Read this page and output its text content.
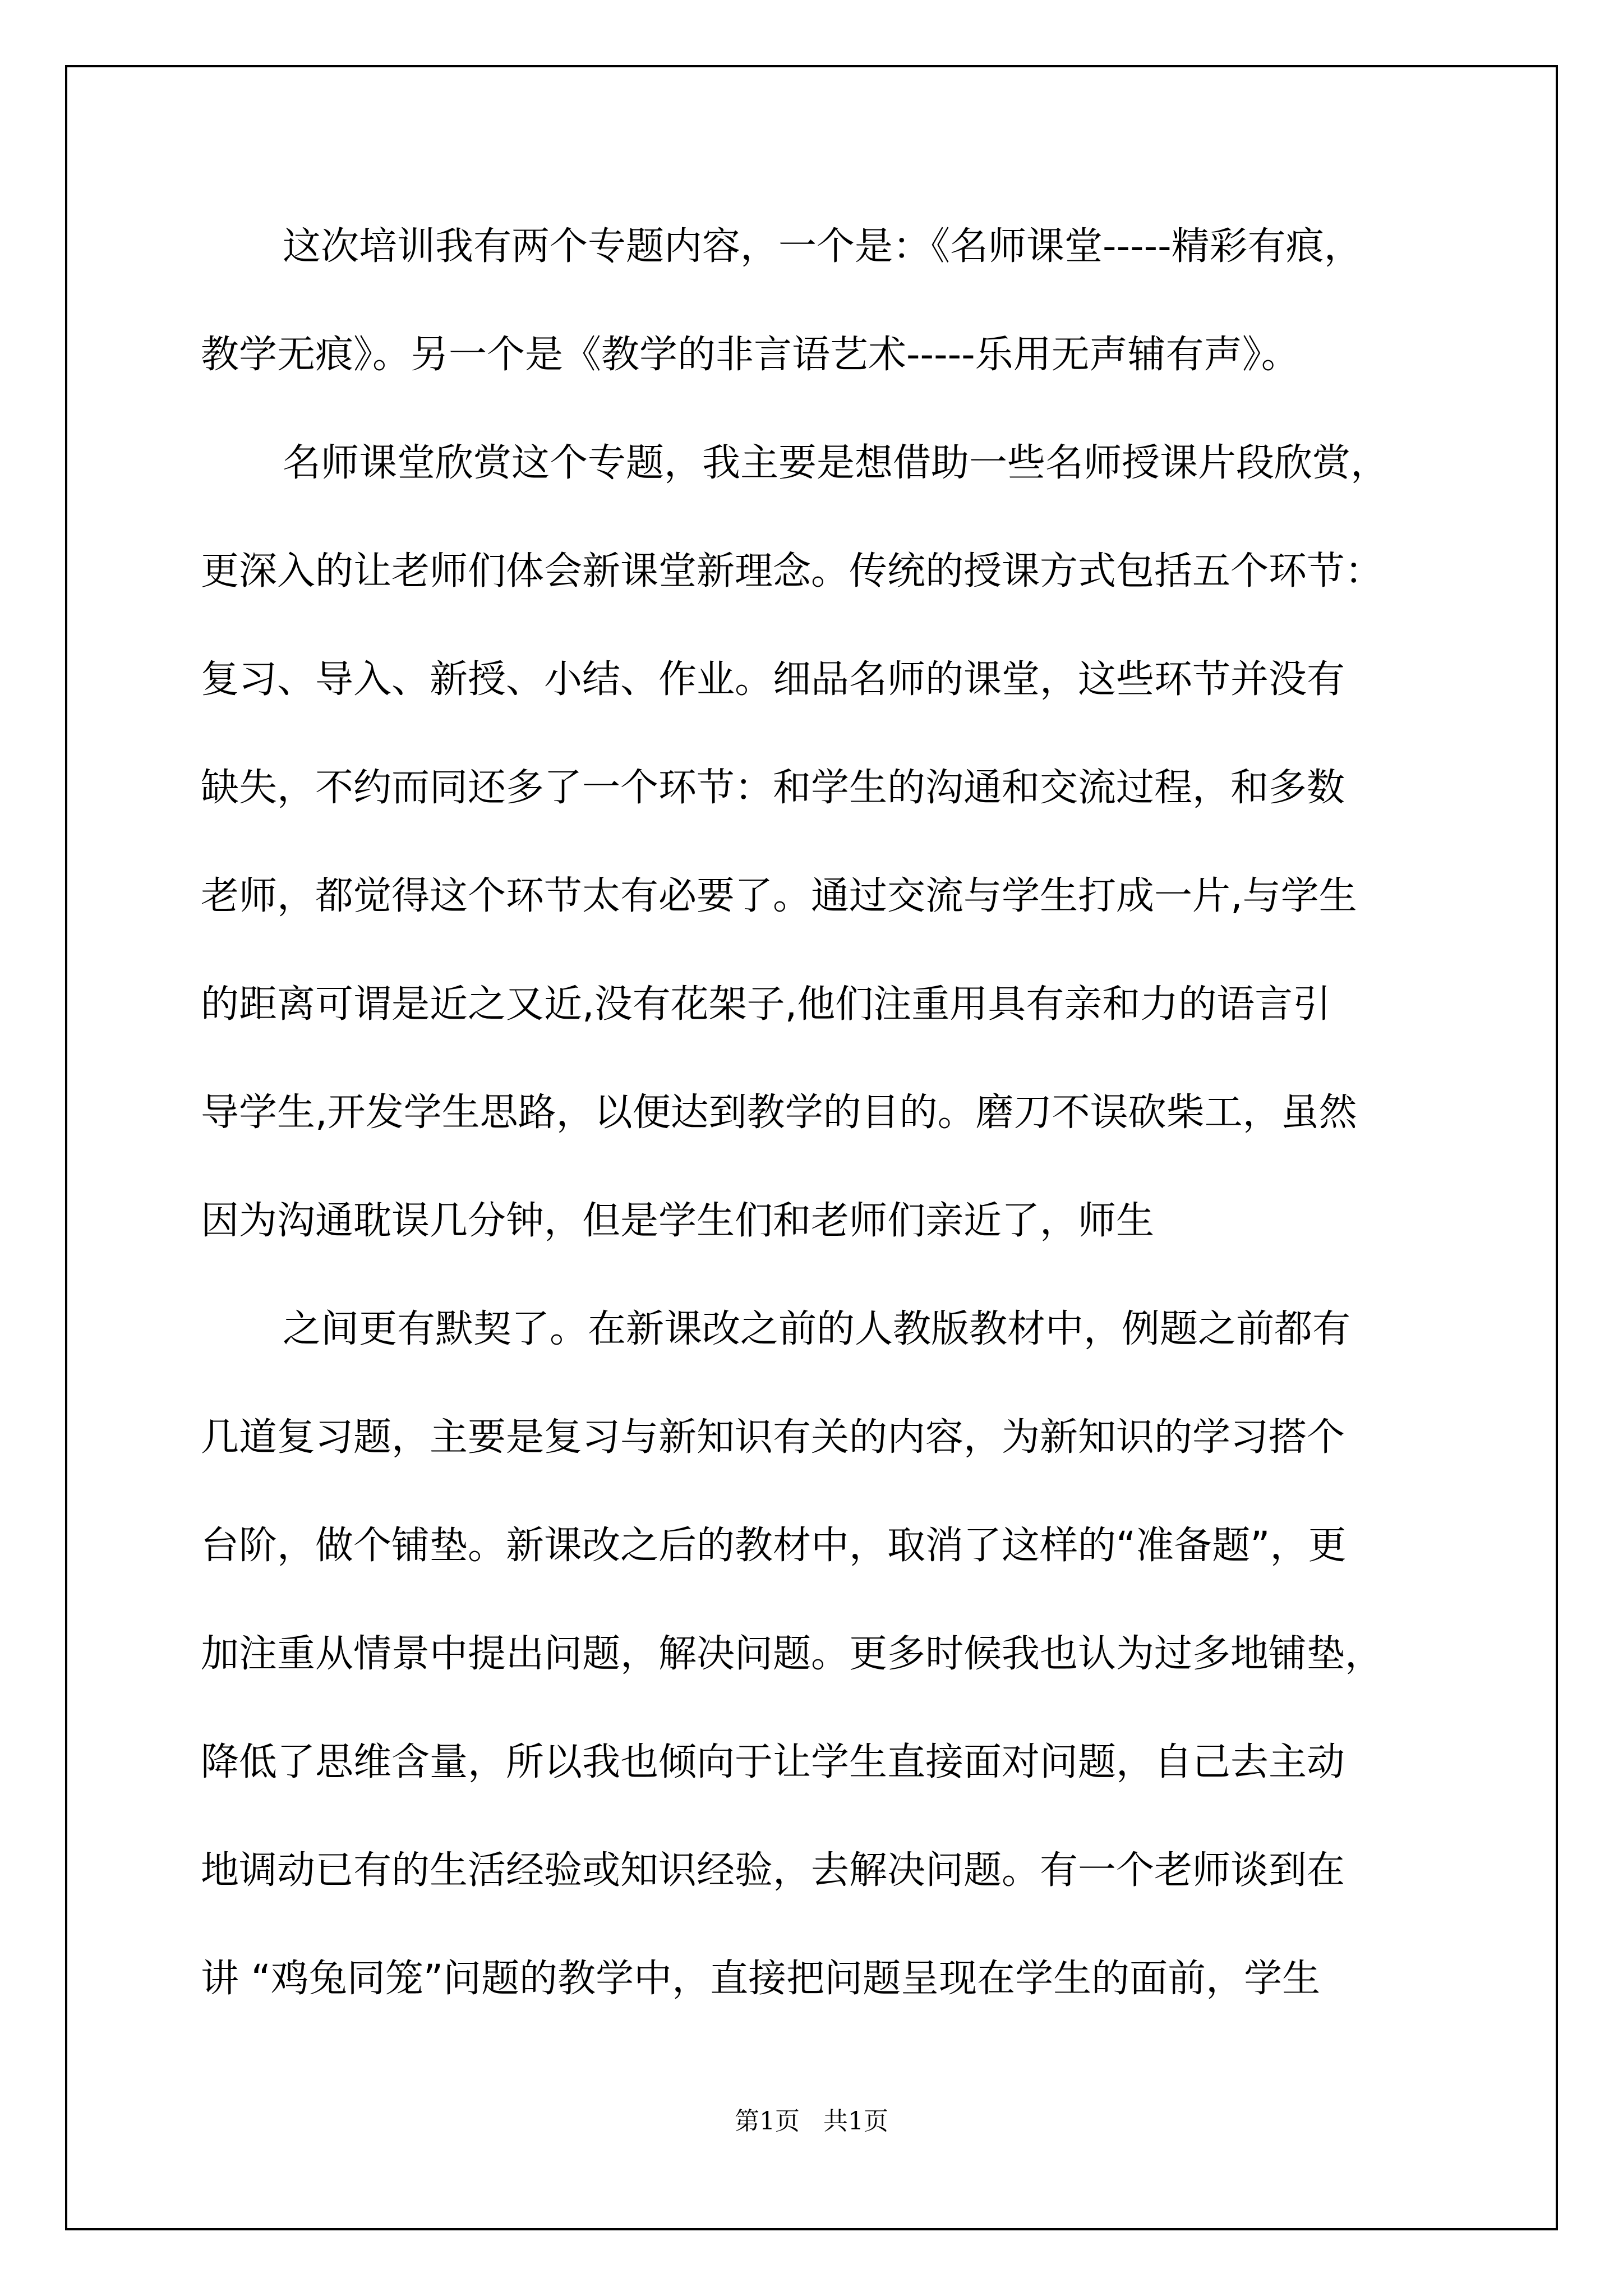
这次培训我有两个专题内容，一个是：《名师课堂-----精彩有痕，
教学无痕》。另一个是《教学的非言语艺术-----乐用无声辅有声》。
名师课堂欣赏这个专题，我主要是想借助一些名师授课片段欣赏，
更深入的让老师们体会新课堂新理念。传统的授课方式包括五个环节：
复习、导入、新授、小结、作业。细品名师的课堂，这些环节并没有
缺失，不约而同还多了一个环节：和学生的沟通和交流过程，和多数
老师，都觉得这个环节太有必要了。通过交流与学生打成一片,与学生
的距离可谓是近之又近,没有花架子,他们注重用具有亲和力的语言引
导学生,开发学生思路，以便达到教学的目的。磨刀不误砍柴工，虽然
因为沟通耽误几分钟，但是学生们和老师们亲近了，师生
之间更有默契了。在新课改之前的人教版教材中，例题之前都有
几道复习题，主要是复习与新知识有关的内容，为新知识的学习搭个
台阶，做个铺垫。新课改之后的教材中，取消了这样的“准备题”，更
加注重从情景中提出问题，解决问题。更多时候我也认为过多地铺垫，
降低了思维含量，所以我也倾向于让学生直接面对问题，自己去主动
地调动已有的生活经验或知识经验，去解决问题。有一个老师谈到在
讲 “鸡兔同笼”问题的教学中，直接把问题呈现在学生的面前，学生
第1页   共1页
